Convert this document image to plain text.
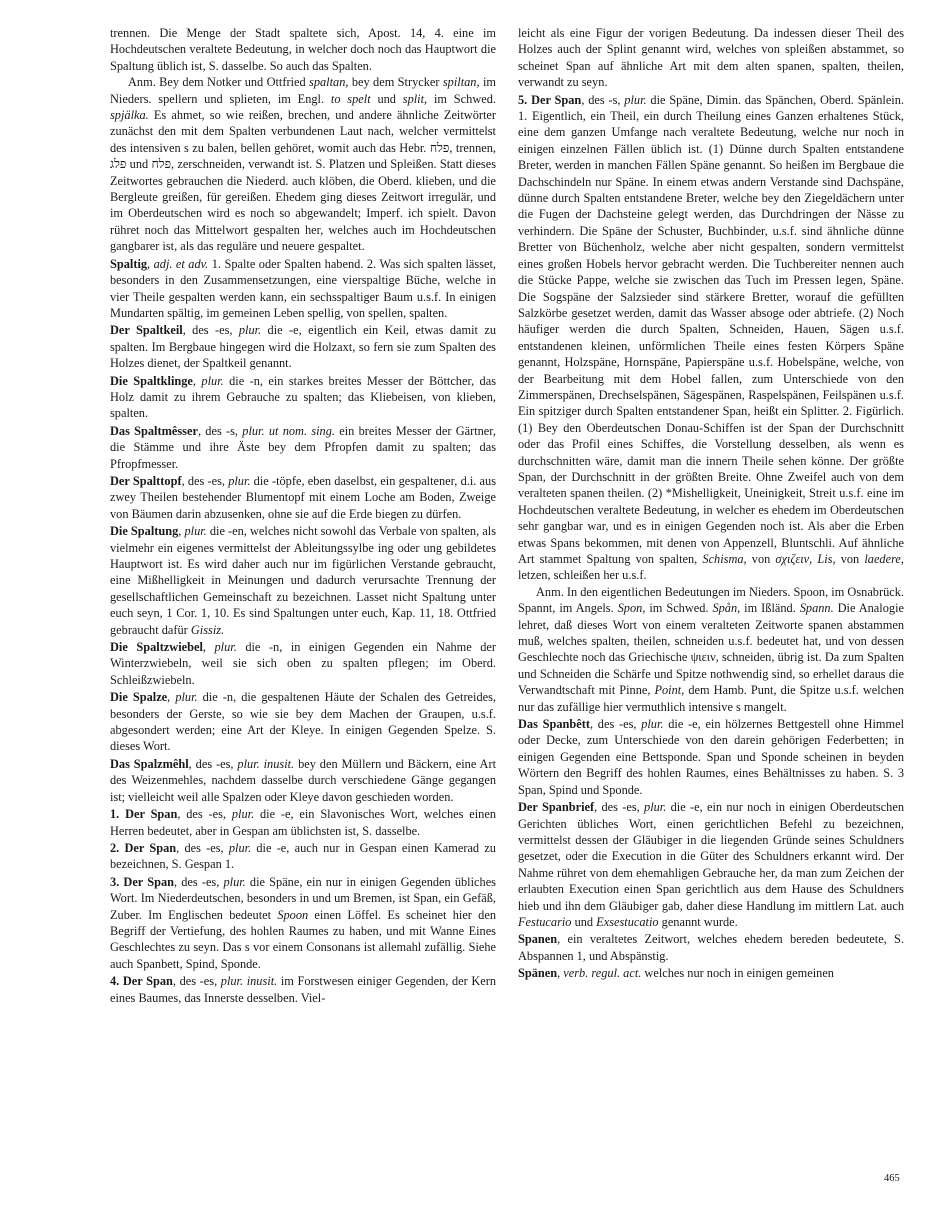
trennen. Die Menge der Stadt spaltete sich, Apost. 14, 4. eine im Hochdeutschen veraltete Bedeutung, in welcher doch noch das Hauptwort die Spaltung üblich ist, S. dasselbe. So auch das Spalten.

Anm. Bey dem Notker und Ottfried spaltan, bey dem Strycker spiltan, im Nieders. spellern und splieten, im Engl. to spelt und split, im Schwed. spjälka. Es ahmet, so wie reißen, brechen, und andere ähnliche Zeitwörter zunächst den mit dem Spalten verbundenen Laut nach, welcher vermittelst des intensiven s zu balen, bellen gehöret, womit auch das Hebr. פלח, trennen, פלג und פלח, zerschneiden, verwandt ist. S. Platzen und Spleißen. Statt dieses Zeitwortes gebrauchen die Niederd. auch klöben, die Oberd. klieben, und die Bergleute greißen, für gereißen. Ehedem ging dieses Zeitwort irregulär, und im Oberdeutschen wird es noch so abgewandelt; Imperf. ich spielt. Davon rühret noch das Mittelwort gespalten her, welches auch im Hochdeutschen gangbarer ist, als das reguläre und neuere gespaltet.

Spaltig, adj. et adv. 1. Spalte oder Spalten habend. 2. Was sich spalten lässet, besonders in den Zusammensetzungen, eine vierspaltige Büche, welche in vier Theile gespalten werden kann, ein sechsspaltiger Baum u.s.f. In einigen Mundarten spältig, im gemeinen Leben spellig, von spellen, spalten.

Der Spaltkeil, des -es, plur. die -e, eigentlich ein Keil, etwas damit zu spalten. Im Bergbaue hingegen wird die Holzaxt, so fern sie zum Spalten des Holzes dienet, der Spaltkeil genannt.

Die Spaltklinge, plur. die -n, ein starkes breites Messer der Böttcher, das Holz damit zu ihrem Gebrauche zu spalten; das Kliebeisen, von klieben, spalten.

Das Spaltmêsser, des -s, plur. ut nom. sing. ein breites Messer der Gärtner, die Stämme und ihre Äste bey dem Pfropfen damit zu spalten; das Pfropfmesser.

Der Spalttopf, des -es, plur. die -töpfe, eben daselbst, ein gespaltener, d.i. aus zwey Theilen bestehender Blumentopf mit einem Loche am Boden, Zweige von Bäumen darin abzusenken, ohne sie auf die Erde biegen zu dürfen.

Die Spaltung, plur. die -en, welches nicht sowohl das Verbale von spalten, als vielmehr ein eigenes vermittelst der Ableitungssylbe ing oder ung gebildetes Hauptwort ist. Es wird daher auch nur im figürlichen Verstande gebraucht, eine Mißhelligkeit in Meinungen und dadurch verursachte Trennung der gesellschaftlichen Gemeinschaft zu bezeichnen. Lasset nicht Spaltung unter euch seyn, 1 Cor. 1, 10. Es sind Spaltungen unter euch, Kap. 11, 18. Ottfried gebraucht dafür Gissiz.

Die Spaltzwiebel, plur. die -n, in einigen Gegenden ein Nahme der Winterzwiebeln, weil sie sich oben zu spalten pflegen; im Oberd. Schleißzwiebeln.

Die Spalze, plur. die -n, die gespaltenen Häute der Schalen des Getreides, besonders der Gerste, so wie sie bey dem Machen der Graupen, u.s.f. abgesondert werden; eine Art der Kleye. In einigen Gegenden Spelze. S. dieses Wort.

Das Spalzmêhl, des -es, plur. inusit. bey den Müllern und Bäckern, eine Art des Weizenmehles, nachdem dasselbe durch verschiedene Gänge gegangen ist; vielleicht weil alle Spalzen oder Kleye davon geschieden worden.

1. Der Span, des -es, plur. die -e, ein Slavonisches Wort, welches einen Herren bedeutet, aber in Gespan am üblichsten ist, S. dasselbe.

2. Der Span, des -es, plur. die -e, auch nur in Gespan einen Kamerad zu bezeichnen, S. Gespan 1.

3. Der Span, des -es, plur. die Späne, ein nur in einigen Gegenden übliches Wort. Im Niederdeutschen, besonders in und um Bremen, ist Span, ein Gefäß, Zuber. Im Englischen bedeutet Spoon einen Löffel. Es scheinet hier den Begriff der Vertiefung, des hohlen Raumes zu haben, und mit Wanne Eines Geschlechtes zu seyn. Das s vor einem Consonans ist allemahl zufällig. Siehe auch Spanbett, Spind, Sponde.

4. Der Span, des -es, plur. inusit. im Forstwesen einiger Gegenden, der Kern eines Baumes, das Innerste desselben. Viel-

leicht als eine Figur der vorigen Bedeutung. Da indessen dieser Theil des Holzes auch der Splint genannt wird, welches von spleißen abstammet, so scheinet Span auf ähnliche Art mit dem alten spanen, spalten, theilen, verwandt zu seyn.

5. Der Span, des -s, plur. die Späne, Dimin. das Spänchen, Oberd. Spänlein. 1. Eigentlich, ein Theil, ein durch Theilung eines Ganzen erhaltenes Stück, eine dem ganzen Umfange nach veraltete Bedeutung, welche nur noch in einigen einzelnen Fällen üblich ist. (1) Dünne durch Spalten entstandene Breter, werden in manchen Fällen Späne genannt. So heißen im Bergbaue die Dachschindeln nur Späne. In einem etwas andern Verstande sind Dachspäne, dünne durch Spalten entstandene Breter, welche bey den Ziegeldächern unter die Fugen der Dachsteine gelegt werden, das Durchdringen der Nässe zu verhindern. Die Späne der Schuster, Buchbinder, u.s.f. sind ähnliche dünne Bretter von Büchenholz, welche aber nicht gespalten, sondern vermittelst eines großen Hobels hervor gebracht werden. Die Tuchbereiter nennen auch die Stücke Pappe, welche sie zwischen das Tuch im Pressen legen, Späne. Die Sogspäne der Salzsieder sind stärkere Bretter, worauf die gefüllten Salzkörbe gesetzet werden, damit das Wasser absoge oder abtriefe. (2) Noch häufiger werden die durch Spalten, Schneiden, Hauen, Sägen u.s.f. entstandenen kleinen, unförmlichen Theile eines festen Körpers Späne genannt, Holzspäne, Hornspäne, Papierspäne u.s.f. Hobelspäne, welche, von der Bearbeitung mit dem Hobel fallen, zum Unterschiede von den Zimmerspänen, Drechselspänen, Sägespänen, Raspelspänen, Feilspänen u.s.f. Ein spitziger durch Spalten entstandener Span, heißt ein Splitter. 2. Figürlich. (1) Bey den Oberdeutschen Donau-Schiffen ist der Span der Durchschnitt oder das Profil eines Schiffes, die Vorstellung desselben, als wenn es durchschnitten wäre, damit man die innern Theile sehen könne. Der größte Span, der Durchschnitt in der größten Breite. Ohne Zweifel auch von dem veralteten spanen theilen. (2) *Mishelligkeit, Uneinigkeit, Streit u.s.f. eine im Hochdeutschen veraltete Bedeutung, in welcher es ehedem im Oberdeutschen sehr gangbar war, und es in einigen Gegenden noch ist. Als aber die Erben etwas Spans bekommen, mit denen von Appenzell, Bluntschli. Auf ähnliche Art stammet Spaltung von spalten, Schisma, von σχιζειν, Lis, von laedere, letzen, schleißen her u.s.f.

Anm. In den eigentlichen Bedeutungen im Nieders. Spoon, im Osnabrück. Spannt, im Angels. Spon, im Schwed. Spån, im Ißländ. Spann. Die Analogie lehret, daß dieses Wort von einem veralteten Zeitworte spanen abstammen muß, welches spalten, theilen, schneiden u.s.f. bedeutet hat, und von dessen Geschlechte noch das Griechische ψιειν, schneiden, übrig ist. Da zum Spalten und Schneiden die Schärfe und Spitze nothwendig sind, so erhellet daraus die Verwandtschaft mit Pinne, Point, dem Hamb. Punt, die Spitze u.s.f. welchen nur das zufällige hier vermuthlich intensive s mangelt.

Das Spanbêtt, des -es, plur. die -e, ein hölzernes Bettgestell ohne Himmel oder Decke, zum Unterschiede von den darein gehörigen Federbetten; in einigen Gegenden eine Bettsponde. Span und Sponde scheinen in beyden Wörtern den Begriff des hohlen Raumes, eines Behältnisses zu haben. S. 3 Span, Spind und Sponde.

Der Spanbrief, des -es, plur. die -e, ein nur noch in einigen Oberdeutschen Gerichten übliches Wort, einen gerichtlichen Befehl zu bezeichnen, vermittelst dessen der Gläubiger in die liegenden Gründe seines Schuldners gesetzet, oder die Execution in die Güter des Schuldners erkannt wird. Der Nahme rühret von dem ehemahligen Gebrauche her, da man zum Zeichen der erlaubten Execution einen Span gerichtlich aus dem Hause des Schuldners hieb und ihn dem Gläubiger gab, daher diese Handlung im mittlern Lat. auch Festucario und Exsestucatio genannt wurde.

Spanen, ein veraltetes Zeitwort, welches ehedem bereden bedeutete, S. Abspannen 1, und Abspänstig.

Spänen, verb. regul. act. welches nur noch in einigen gemeinen

465
